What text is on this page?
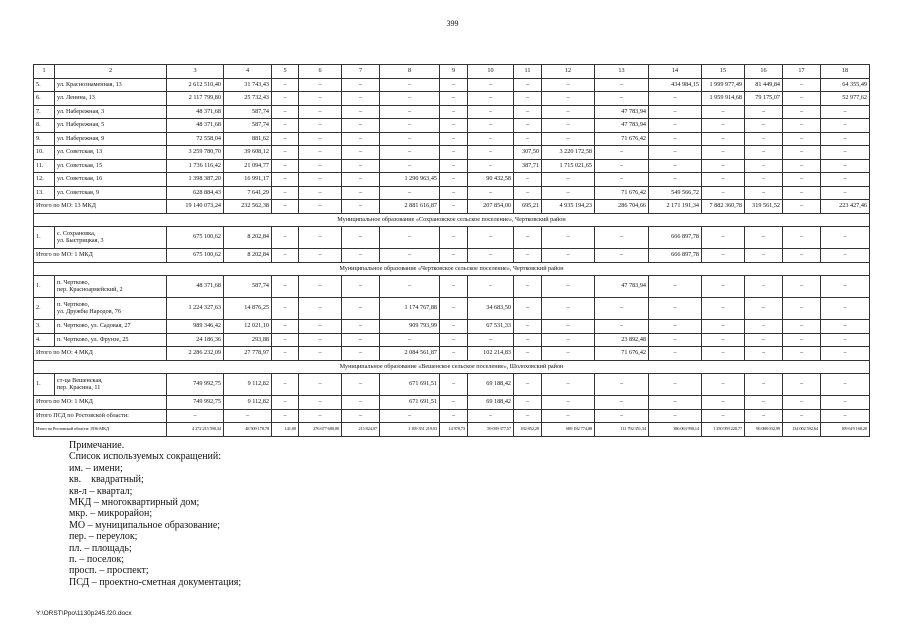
399
1	2	3	4	5	6	7	8	9	10	11	12	13	14	15	16	17	18
5.	ул. Краснознаменная, 13	2 612 510,40	31 743,43	–	–	–	–	–	–	–	–	–	434 984,15	1 999 977,49	81 449,84	–	64 355,49
6.	ул. Ленина, 13	2 117 799,80	25 732,43	–	–	–	–	–	–	–	–	–	–	1 959 914,68	79 175,07	–	52 977,62
7.	ул. Набережная, 3	48 371,68	587,74	–	–	–	–	–	–	–	–	47 783,94	–	–	–	–	–
8.	ул. Набережная, 5	48 371,68	587,74	–	–	–	–	–	–	–	–	47 783,94	–	–	–	–	–
9.	ул. Набережная, 9	72 558,04	881,62	–	–	–	–	–	–	–	–	71 676,42	–	–	–	–	–
10.	ул. Советская, 13	3 259 780,70	39 608,12	–	–	–	–	–	–	307,50	3 220 172,58	–	–	–	–	–	–
11.	ул. Советская, 15	1 736 116,42	21 094,77	–	–	–	–	–	–	387,71	1 715 021,65	–	–	–	–	–	–
12.	ул. Советская, 16	1 398 387,20	16 991,17	–	–	–	1 290 963,45	–	90 432,58	–	–	–	–	–	–	–	–
13.	ул. Советская, 9	628 884,43	7 641,29	–	–	–	–	–	–	–	–	71 676,42	549 566,72	–	–	–	–
Итого по МО: 13 МКД		19 140 073,24	232 562,38	–	–	–	2 881 616,87	–	207 854,00	695,21	4 935 194,23	286 704,66	2 171 191,34	7 882 360,78	319 561,52	–	223 427,46
Муниципальное образование «Сохрановское сельское поселение», Чертковский район																	
1.	с. Сохрановка,
ул. Быстрицкая, 3	675 100,62	8 202,84	–	–	–	–	–	–	–	–	–	666 897,78	–	–	–	–
Итого по МО: 1 МКД		675 100,62	8 202,84	–	–	–	–	–	–	–	–	–	666 897,78	–	–	–	–
Муниципальное образование «Чертковское сельское поселение», Чертковский район																	
1.	п. Чертково,
пер. Красноармейский, 2	48 371,68	587,74	–	–	–	–	–	–	–	–	47 783,94	–	–	–	–	–
2.	п. Чертково,
ул. Дружбы Народов, 76	1 224 327,63	14 876,25	–	–	–	1 174 767,88	–	34 683,50	–	–	–	–	–	–	–	–
3.	п. Чертково, ул. Садовая, 27	989 346,42	12 021,10	–	–	–	909 793,99	–	67 531,33	–	–	–	–	–	–	–	–
4.	п. Чертково, ул. Фрунзе, 25	24 186,36	293,88	–	–	–	–	–	–	–	–	23 892,48	–	–	–	–	–
Итого по МО: 4 МКД		2 286 232,09	27 778,97	–	–	–	2 084 561,87	–	102 214,83	–	–	71 676,42	–	–	–	–	–
Муниципальное образование «Вешенское сельское поселение», Шолоховский район																	
1.	ст-ца Вешенская,
пер. Красина, 11	749 992,75	9 112,82	–	–	–	671 691,51	–	69 188,42	–	–	–	–	–	–	–	–
Итого по МО: 1 МКД		749 992,75	9 112,82	–	–	–	671 691,51	–	69 188,42	–	–	–	–	–	–	–	–
Итого ПСД по Ростовской области:		–	–	–	–	–	–	–	–	–	–	–	–	–	–	–	–
Итого по Ростовской области: 1936 МКД		4 272 215 590,34	48 509 178,78	141,00	276 677 680,00	215 824,07	1 109 351 219,03	14 978,73	59 039 377,57	182 852,29	689 182 774,88	111 792 351,34	386 063 990,14	1 250 959 220,77	96 088 032,99	134 002 592,64	109 619 168,20
Примечание.
Список используемых сокращений:
им. – имени;
кв.    квадратный;
кв-л – квартал;
МКД – многоквартирный дом;
мкр. – микрорайон;
МО – муниципальное образование;
пер. – переулок;
пл. – площадь;
п. – поселок;
просп. – проспект;
ПСД – проектно-сметная документация;
Y:\ORST\Ppo\1130p245.f20.docx
